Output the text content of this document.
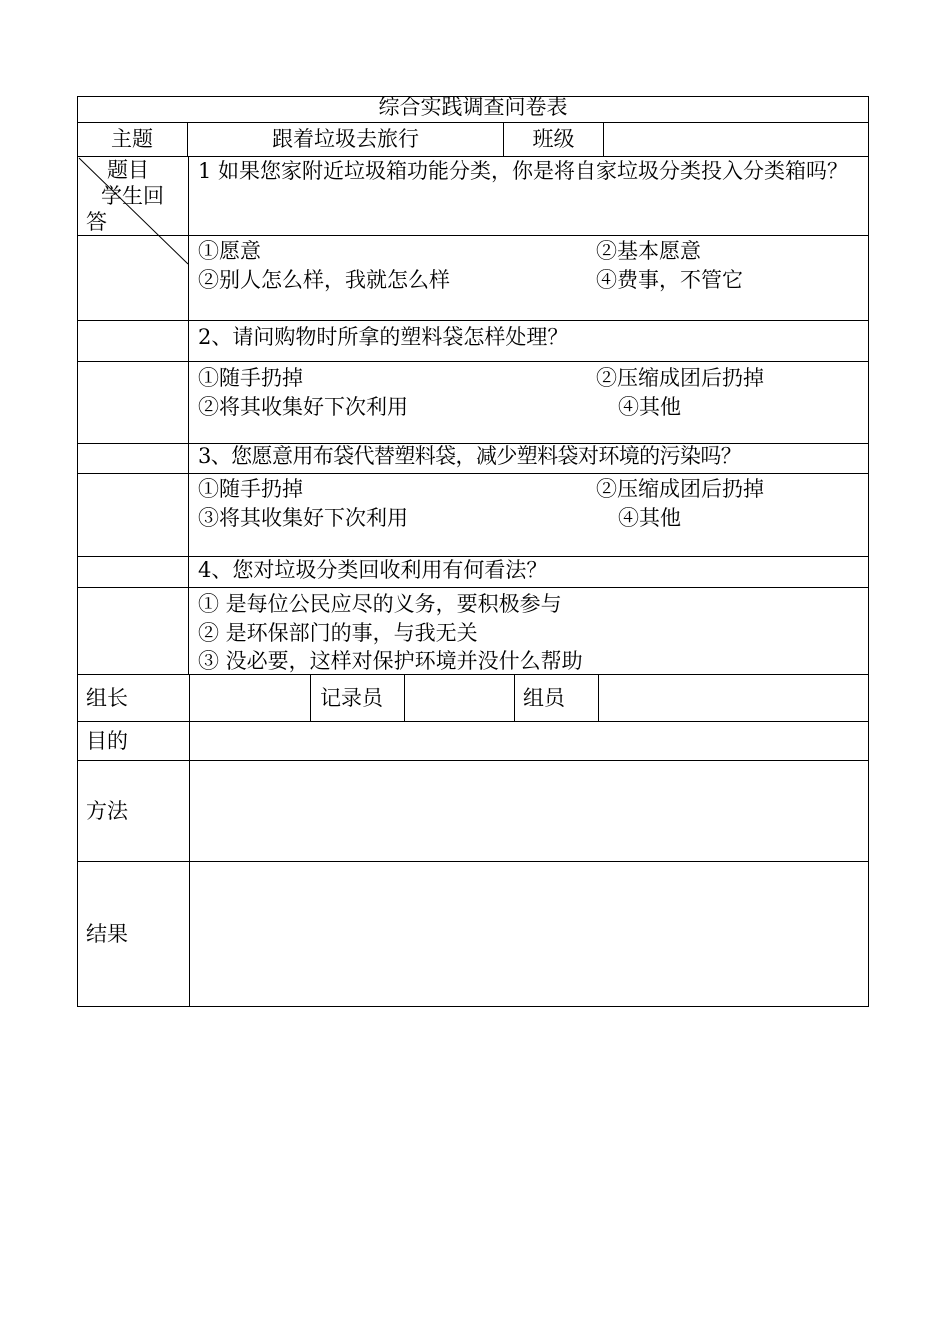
综合实践调查问卷表
主题	跟着垃圾去旅行	班级
题目
学生回
答
1 如果您家附近垃圾箱功能分类，你是将自家垃圾分类投入分类箱吗？
①愿意	②基本愿意
②别人怎么样，我就怎么样	④费事，不管它
2、请问购物时所拿的塑料袋怎样处理？
①随手扔掉	②压缩成团后扔掉
②将其收集好下次利用	④其他
3、您愿意用布袋代替塑料袋，减少塑料袋对环境的污染吗？
①随手扔掉	②压缩成团后扔掉
③将其收集好下次利用	④其他
4、您对垃圾分类回收利用有何看法？
① 是每位公民应尽的义务，要积极参与
② 是环保部门的事，与我无关
③ 没必要，这样对保护环境并没什么帮助
组长	记录员	组员
目的
方法
结果
